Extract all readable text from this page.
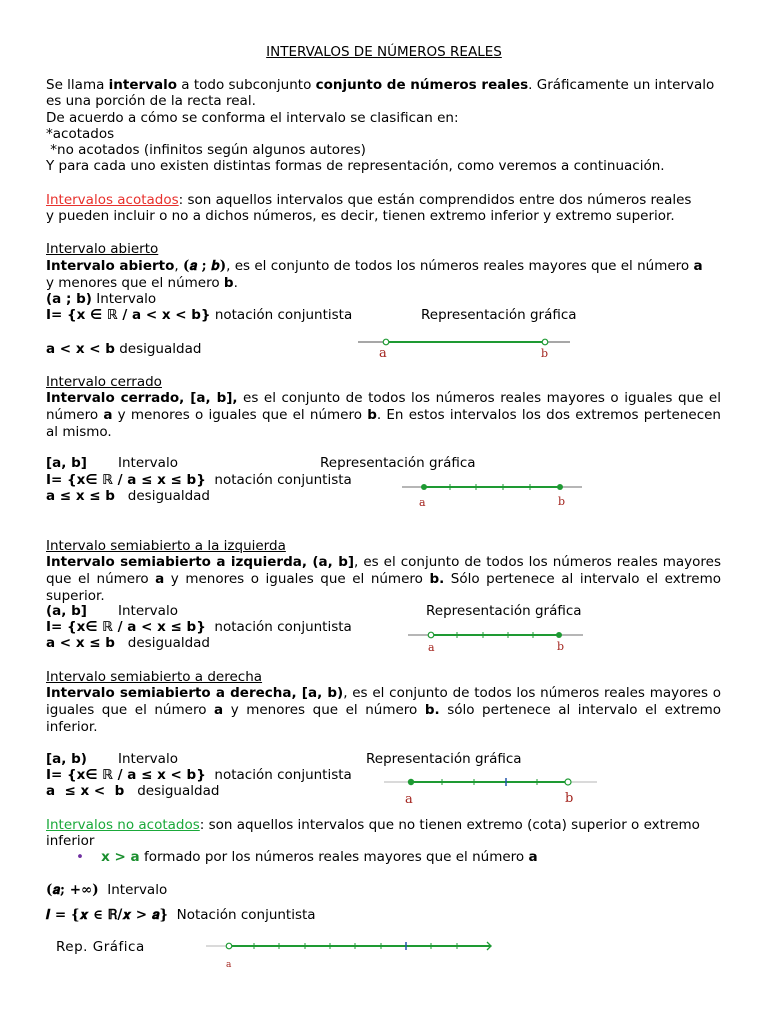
INTERVALOS DE NÚMEROS REALES
Se llama intervalo a todo subconjunto conjunto de números reales. Gráficamente un intervalo
es una porción de la recta real.
De acuerdo a cómo se conforma el intervalo se clasifican en:
*acotados
*no acotados (infinitos según algunos autores)
Y para cada uno existen distintas formas de representación, como veremos a continuación.
Intervalos acotados: son aquellos intervalos que están comprendidos entre dos números reales
y pueden incluir o no a dichos números, es decir, tienen extremo inferior y extremo superior.
Intervalo abierto
Intervalo abierto, (𝒂 ; 𝒃), es el conjunto de todos los números reales mayores que el número a
y menores que el número b.
(a ; b) Intervalo
I= {x ∈ ℝ / a < x < b} notación conjuntista	Representación gráfica
a < x < b desigualdad	a	b
Intervalo cerrado
Intervalo cerrado, [a, b], es el conjunto de todos los números reales mayores o iguales que el número a y menores o iguales que el número b. En estos intervalos los dos extremos pertenecen al mismo.
[a, b] Intervalo	Representación gráfica
I= {x∈ ℝ / a ≤ x ≤ b} notación conjuntista
a ≤ x ≤ b desigualdad	a	b
Intervalo semiabierto a la izquierda
Intervalo semiabierto a izquierda, (a, b], es el conjunto de todos los números reales mayores que el número a y menores o iguales que el número b. Sólo pertenece al intervalo el extremo superior.
(a, b] Intervalo	Representación gráfica
I= {x∈ ℝ / a < x ≤ b} notación conjuntista
a < x ≤ b desigualdad	a	b
Intervalo semiabierto a derecha
Intervalo semiabierto a derecha, [a, b), es el conjunto de todos los números reales mayores o iguales que el número a y menores que el número b. sólo pertenece al intervalo el extremo inferior.
[a, b) Intervalo	Representación gráfica
I= {x∈ ℝ / a ≤ x < b} notación conjuntista
a  ≤ x <  b desigualdad
a	b
Intervalos no acotados: son aquellos intervalos que no tienen extremo (cota) superior o extremo
inferior
• x > a formado por los números reales mayores que el número a
(𝒂; +∞)  Intervalo
𝑰 = {𝒙 ∈ ℝ/𝒙 > 𝒂}  Notación conjuntista
Rep. Gráfica
a
